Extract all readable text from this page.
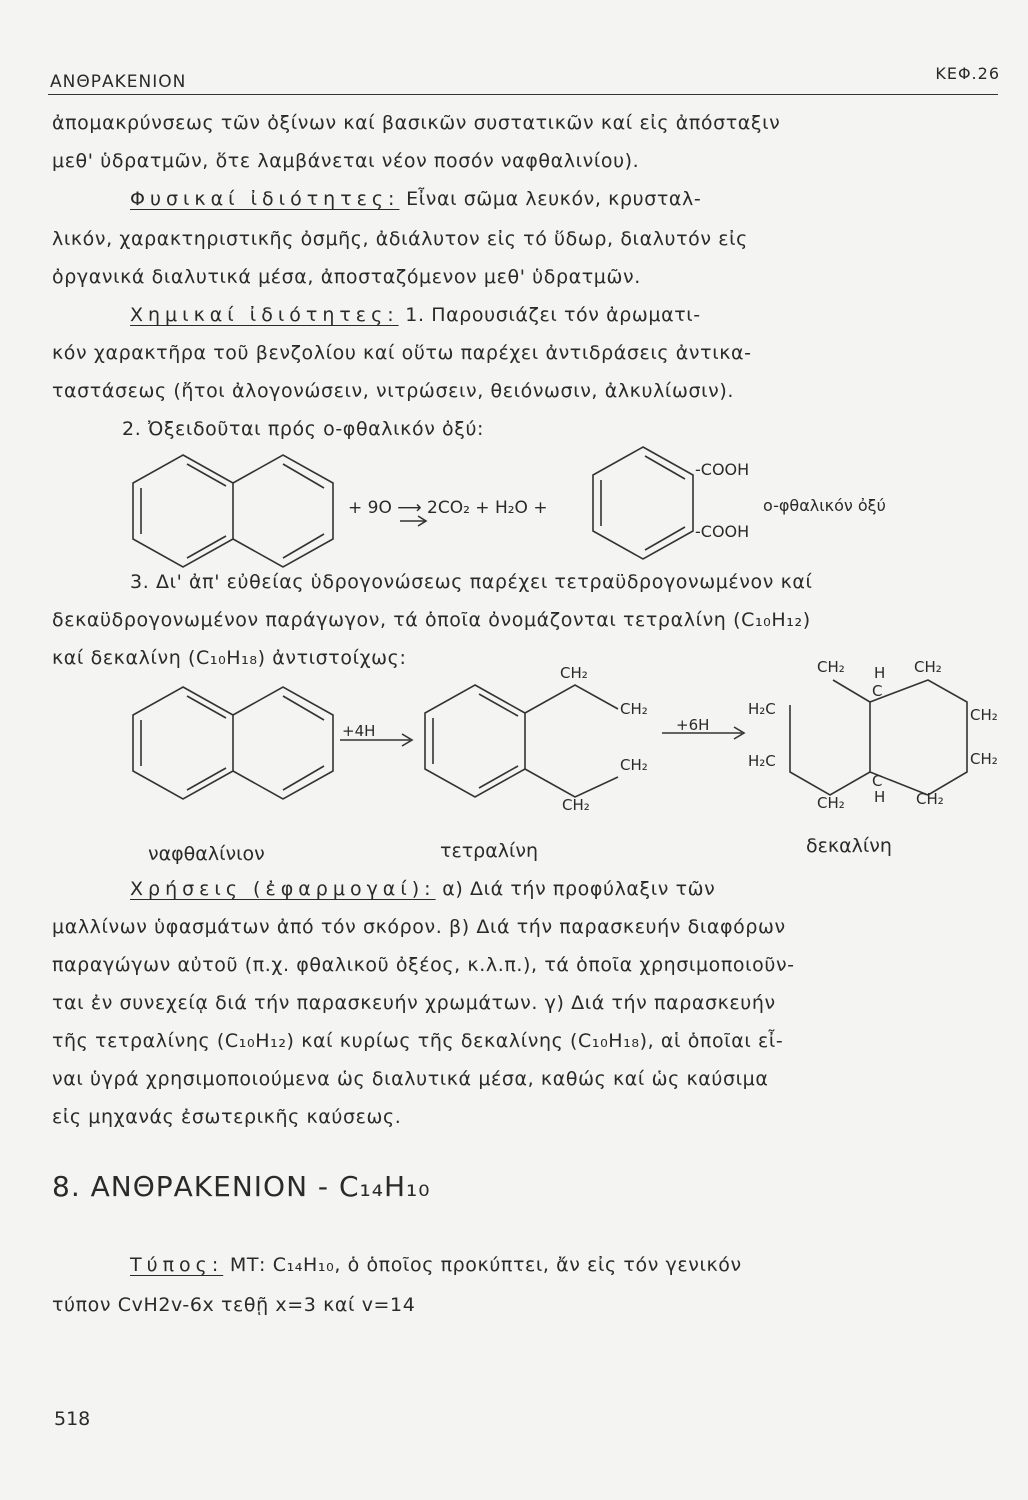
ΑΝΘΡΑΚΕΝΙΟΝ	ΚΕΦ.26
ἀπομακρύνσεως τῶν ὀξίνων καί βασικῶν συστατικῶν καί εἰς ἀπόσταξιν
μεθ' ὑδρατμῶν, ὅτε λαμβάνεται νέον ποσόν ναφθαλινίου).
Φυσικαί ἰδιότητες: Εἶναι σῶμα λευκόν, κρυσταλ-
λικόν, χαρακτηριστικῆς ὀσμῆς, ἀδιάλυτον εἰς τό ὕδωρ, διαλυτόν εἰς
ὀργανικά διαλυτικά μέσα, ἀποσταζόμενον μεθ' ὑδρατμῶν.
Χημικαί ἰδιότητες: 1. Παρουσιάζει τόν ἀρωματι-
κόν χαρακτῆρα τοῦ βενζολίου καί οὕτω παρέχει ἀντιδράσεις ἀντικα-
ταστάσεως (ἤτοι ἀλογονώσειν, νιτρώσειν, θειόνωσιν, ἀλκυλίωσιν).
2. Ὀξειδοῦται πρός ο-φθαλικόν ὀξύ:
+ 9O ⟶ 2CO₂ + H₂O +
-COOH
-COOH
o-φθαλικόν ὀξύ
3. Δι' ἀπ' εὐθείας ὑδρογονώσεως παρέχει τετραϋδρογονωμένον καί
δεκαϋδρογονωμένον παράγωγον, τά ὁποῖα ὀνομάζονται τετραλίνη (C₁₀H₁₂)
καί δεκαλίνη (C₁₀H₁₈) ἀντιστοίχως:
+4H	+6H
CH₂
CH₂
CH₂
CH₂
CH₂ H
C
CH₂
H₂C
H₂C
CH₂
CH₂
C
H
CH₂	CH₂
ναφθαλίνιον	τετραλίνη	δεκαλίνη
Χρήσεις (ἐφαρμογαί): α) Διά τήν προφύλαξιν τῶν
μαλλίνων ὑφασμάτων ἀπό τόν σκόρον. β) Διά τήν παρασκευήν διαφόρων
παραγώγων αὐτοῦ (π.χ. φθαλικοῦ ὀξέος, κ.λ.π.), τά ὁποῖα χρησιμοποιοῦν-
ται ἐν συνεχείᾳ διά τήν παρασκευήν χρωμάτων. γ) Διά τήν παρασκευήν
τῆς τετραλίνης (C₁₀H₁₂) καί κυρίως τῆς δεκαλίνης (C₁₀H₁₈), αἱ ὁποῖαι εἶ-
ναι ὑγρά χρησιμοποιούμενα ὡς διαλυτικά μέσα, καθώς καί ὡς καύσιμα
εἰς μηχανάς ἐσωτερικῆς καύσεως.
8. ΑΝΘΡΑΚΕΝΙΟΝ - C₁₄H₁₀
Τύπος: ΜΤ: C₁₄H₁₀, ὁ ὁποῖος προκύπτει, ἄν εἰς τόν γενικόν
τύπον CvH2v-6x τεθῇ x=3 καί v=14
518
